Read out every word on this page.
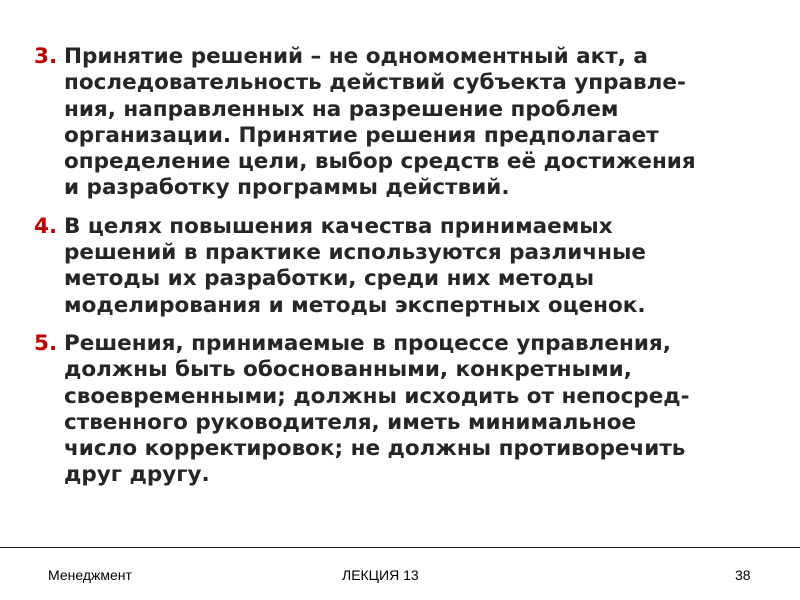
3. Принятие решений – не одномоментный акт, а
последовательность действий субъекта управле-
ния, направленных на разрешение проблем
организации. Принятие решения предполагает
определение цели, выбор средств её достижения
и разработку программы действий.
4. В целях повышения качества принимаемых
решений в практике используются различные
методы их разработки, среди них методы
моделирования и методы экспертных оценок.
5. Решения, принимаемые в процессе управления,
должны быть обоснованными, конкретными,
своевременными; должны исходить от непосред-
ственного руководителя, иметь минимальное
число корректировок; не должны противоречить
друг другу.
Менеджмент	ЛЕКЦИЯ 13	38
